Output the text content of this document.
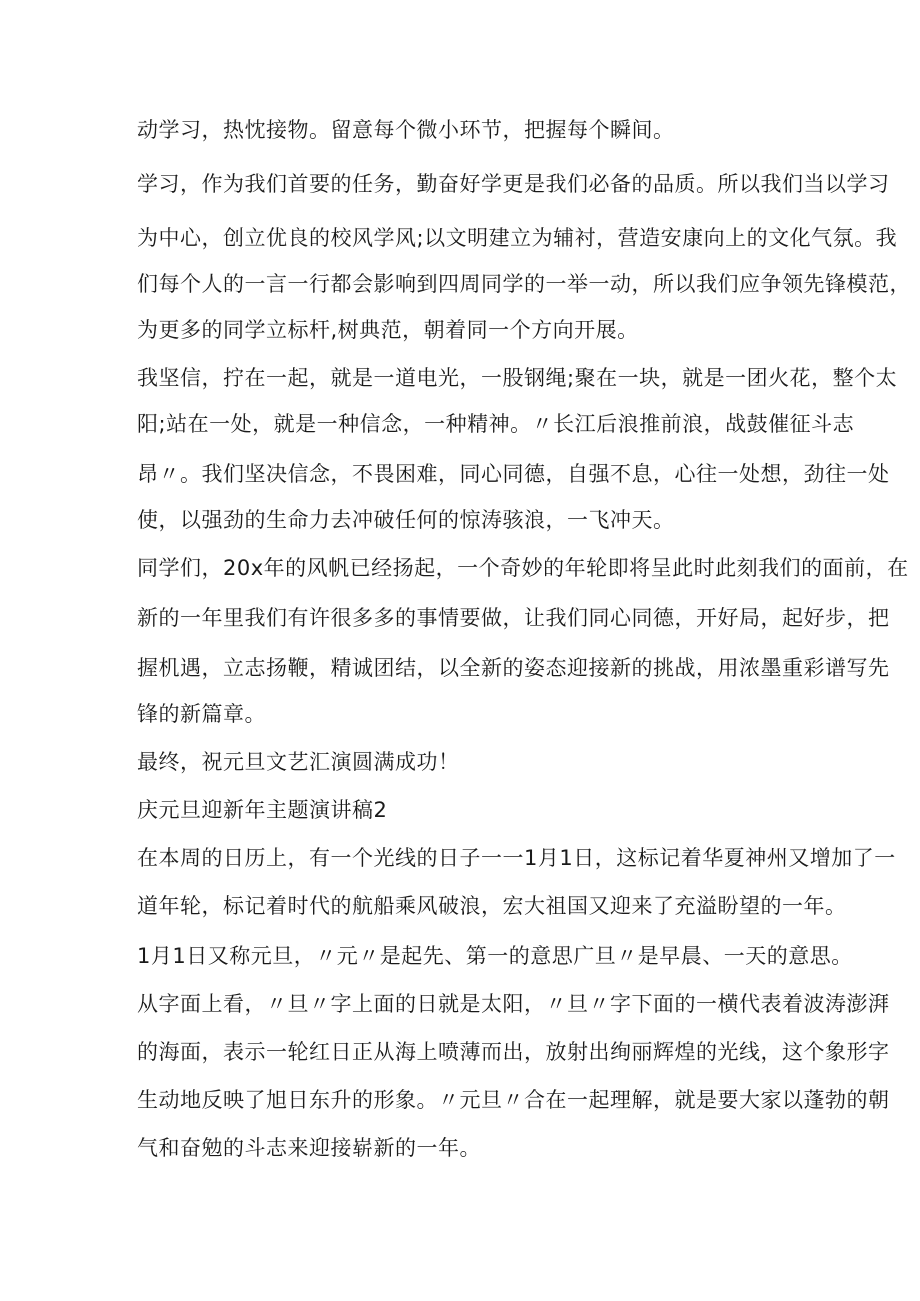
动学习，热忱接物。留意每个微小环节，把握每个瞬间。
学习，作为我们首要的任务，勤奋好学更是我们必备的品质。所以我们当以学习
为中心，创立优良的校风学风;以文明建立为辅衬，营造安康向上的文化气氛。我
们每个人的一言一行都会影响到四周同学的一举一动，所以我们应争领先锋模范，
为更多的同学立标杆,树典范，朝着同一个方向开展。
我坚信，拧在一起，就是一道电光，一股钢绳;聚在一块，就是一团火花，整个太
阳;站在一处，就是一种信念，一种精神。〃长江后浪推前浪，战鼓催征斗志
昂〃。我们坚决信念，不畏困难，同心同德，自强不息，心往一处想，劲往一处
使，以强劲的生命力去冲破任何的惊涛骇浪，一飞冲天。
同学们，20x年的风帆已经扬起，一个奇妙的年轮即将呈此时此刻我们的面前，在
新的一年里我们有许很多多的事情要做，让我们同心同德，开好局，起好步，把
握机遇，立志扬鞭，精诚团结，以全新的姿态迎接新的挑战，用浓墨重彩谱写先
锋的新篇章。
最终，祝元旦文艺汇演圆满成功！
庆元旦迎新年主题演讲稿2
在本周的日历上，有一个光线的日子一一1月1日，这标记着华夏神州又增加了一
道年轮，标记着时代的航船乘风破浪，宏大祖国又迎来了充溢盼望的一年。
1月1日又称元旦，〃元〃是起先、第一的意思广旦〃是早晨、一天的意思。
从字面上看，〃旦〃字上面的日就是太阳，〃旦〃字下面的一横代表着波涛澎湃
的海面，表示一轮红日正从海上喷薄而出，放射出绚丽辉煌的光线，这个象形字
生动地反映了旭日东升的形象。〃元旦〃合在一起理解，就是要大家以蓬勃的朝
气和奋勉的斗志来迎接崭新的一年。
